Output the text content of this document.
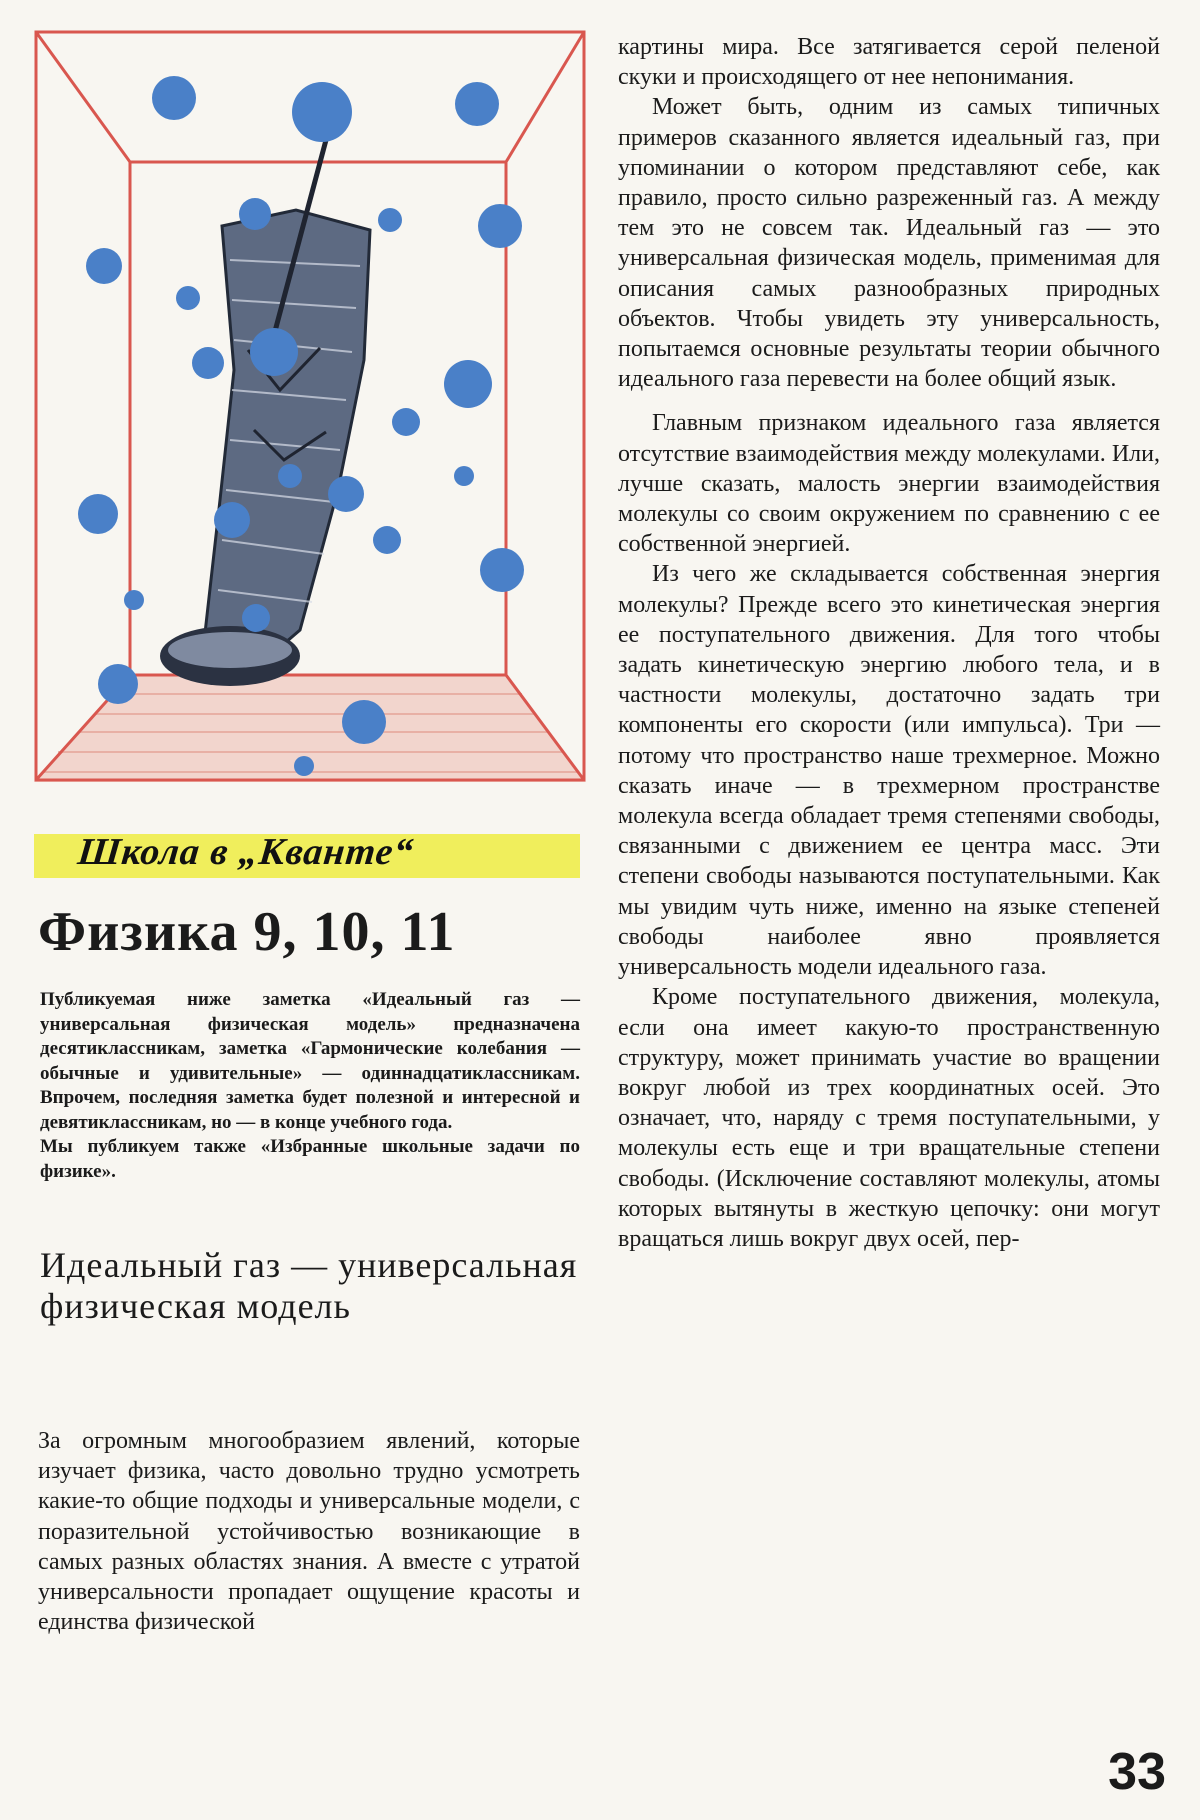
Школа в „Кванте“
Физика 9, 10, 11

Публикуемая ниже заметка «Идеальный газ — универсальная физическая модель» предназначена десятиклассникам, заметка «Гармонические колебания — обычные и удивительные» — одиннадцатиклассникам. Впрочем, последняя заметка будет полезной и интересной и девятиклассникам, но — в конце учебного года.

Мы публикуем также «Избранные школьные задачи по физике».

Идеальный газ — универсальная физическая модель

За огромным многообразием явлений, которые изучает физика, часто довольно трудно усмотреть какие-то общие подходы и универсальные модели, с поразительной устойчивостью возникающие в самых разных областях знания. А вместе с утратой универсальности пропадает ощущение красоты и единства физической

картины мира. Все затягивается серой пеленой скуки и происходящего от нее непонимания.

Может быть, одним из самых типичных примеров сказанного является идеальный газ, при упоминании о котором представляют себе, как правило, просто сильно разреженный газ. А между тем это не совсем так. Идеальный газ — это универсальная физическая модель, применимая для описания самых разнообразных природных объектов. Чтобы увидеть эту универсальность, попытаемся основные результаты теории обычного идеального газа перевести на более общий язык.

Главным признаком идеального газа является отсутствие взаимодействия между молекулами. Или, лучше сказать, малость энергии взаимодействия молекулы со своим окружением по сравнению с ее собственной энергией.

Из чего же складывается собственная энергия молекулы? Прежде всего это кинетическая энергия ее поступательного движения. Для того чтобы задать кинетическую энергию любого тела, и в частности молекулы, достаточно задать три компоненты его скорости (или импульса). Три — потому что пространство наше трехмерное. Можно сказать иначе — в трехмерном пространстве молекула всегда обладает тремя степенями свободы, связанными с движением ее центра масс. Эти степени свободы называются поступательными. Как мы увидим чуть ниже, именно на языке степеней свободы наиболее явно проявляется универсальность модели идеального газа.

Кроме поступательного движения, молекула, если она имеет какую-то пространственную структуру, может принимать участие во вращении вокруг любой из трех координатных осей. Это означает, что, наряду с тремя поступательными, у молекулы есть еще и три вращательные степени свободы. (Исключение составляют молекулы, атомы которых вытянуты в жесткую цепочку: они могут вращаться лишь вокруг двух осей, пер-

33
